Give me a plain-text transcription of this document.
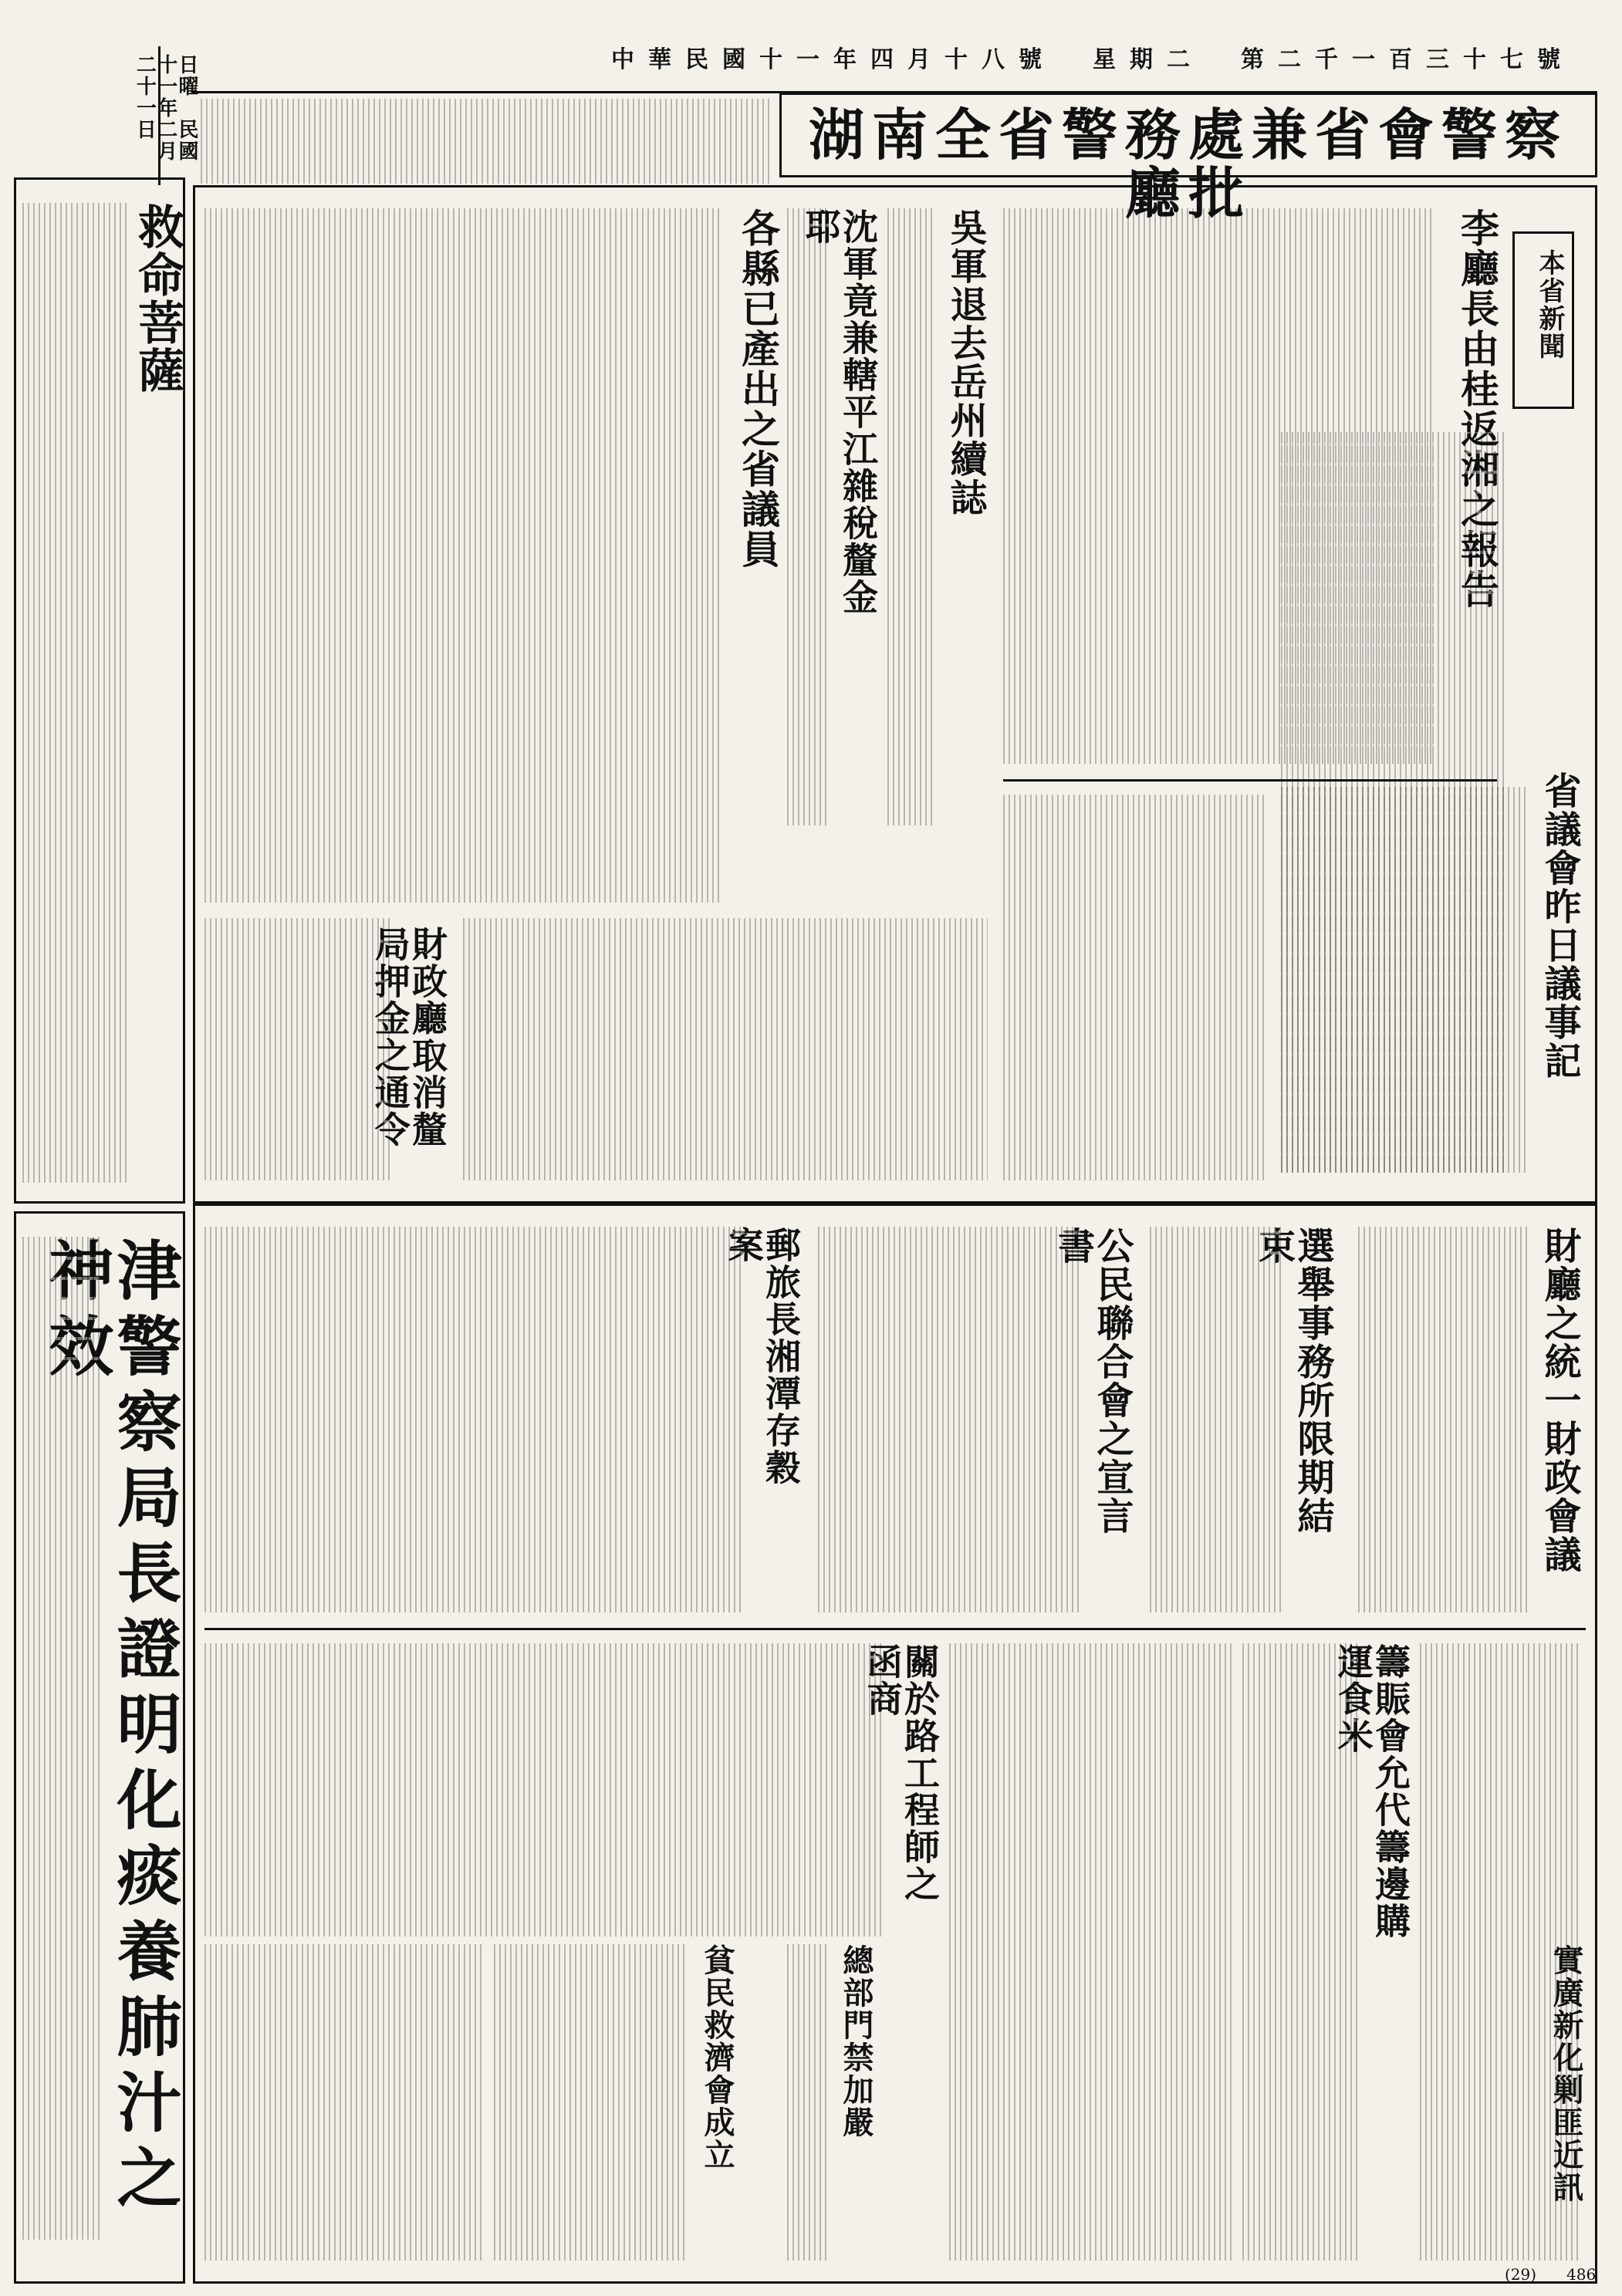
中華民國十一年四月十八號　星期二　第二千一百三十七號
日曜　民國十一年二月二十一日	湖南全省警務處兼省會警察廳批
救命菩薩
津警察局長證明化痰養肺汁之神效
本省新聞
李廳長由桂返湘之報告
吳軍退去岳州續誌
沈軍竟兼轄平江雜稅釐金耶
各縣已產出之省議員
省議會昨日議事記
財政廳取消釐局押金之通令
財廳之統一財政會議
選舉事務所限期結束
公民聯合會之宣言書
郵旅長湘潭存穀案
籌賑會允代籌邊購運食米
關於路工程師之函商
總部門禁加嚴
貧民救濟會成立	實廣新化剿匪近訊
(29)	486
